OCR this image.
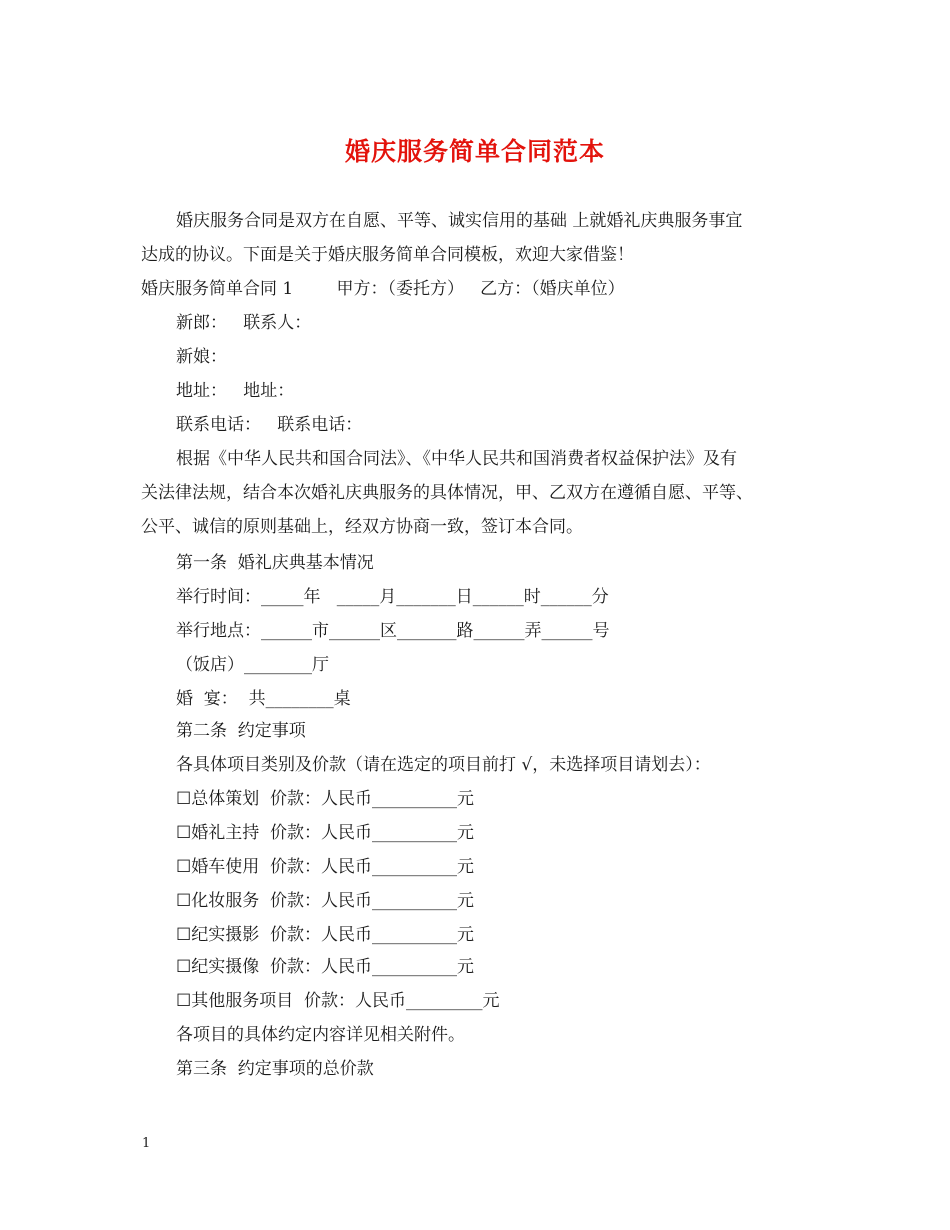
婚庆服务简单合同范本

婚庆服务合同是双方在自愿、平等、诚实信用的基础 上就婚礼庆典服务事宜

达成的协议。下面是关于婚庆服务简单合同模板，欢迎大家借鉴！

婚庆服务简单合同 1        甲方：（委托方）   乙方：（婚庆单位）

新郎：   联系人：

新娘：

地址：   地址：

联系电话：   联系电话：

根据《中华人民共和国合同法》、《中华人民共和国消费者权益保护法》及有

关法律法规，结合本次婚礼庆典服务的具体情况，甲、乙双方在遵循自愿、平等、

公平、诚信的原则基础上，经双方协商一致，签订本合同。

第一条  婚礼庆典基本情况

举行时间：_____年   _____月_______日______时______分

举行地点：______市______区_______路______弄______号

（饭店）________厅

婚  宴：  共________桌

第二条  约定事项

各具体项目类别及价款（请在选定的项目前打 √，未选择项目请划去）：

☐总体策划  价款：人民币__________元

☐婚礼主持  价款：人民币__________元

☐婚车使用  价款：人民币__________元

☐化妆服务  价款：人民币__________元

☐纪实摄影  价款：人民币__________元

☐纪实摄像  价款：人民币__________元

☐其他服务项目  价款：人民币_________元

各项目的具体约定内容详见相关附件。

第三条  约定事项的总价款

1
